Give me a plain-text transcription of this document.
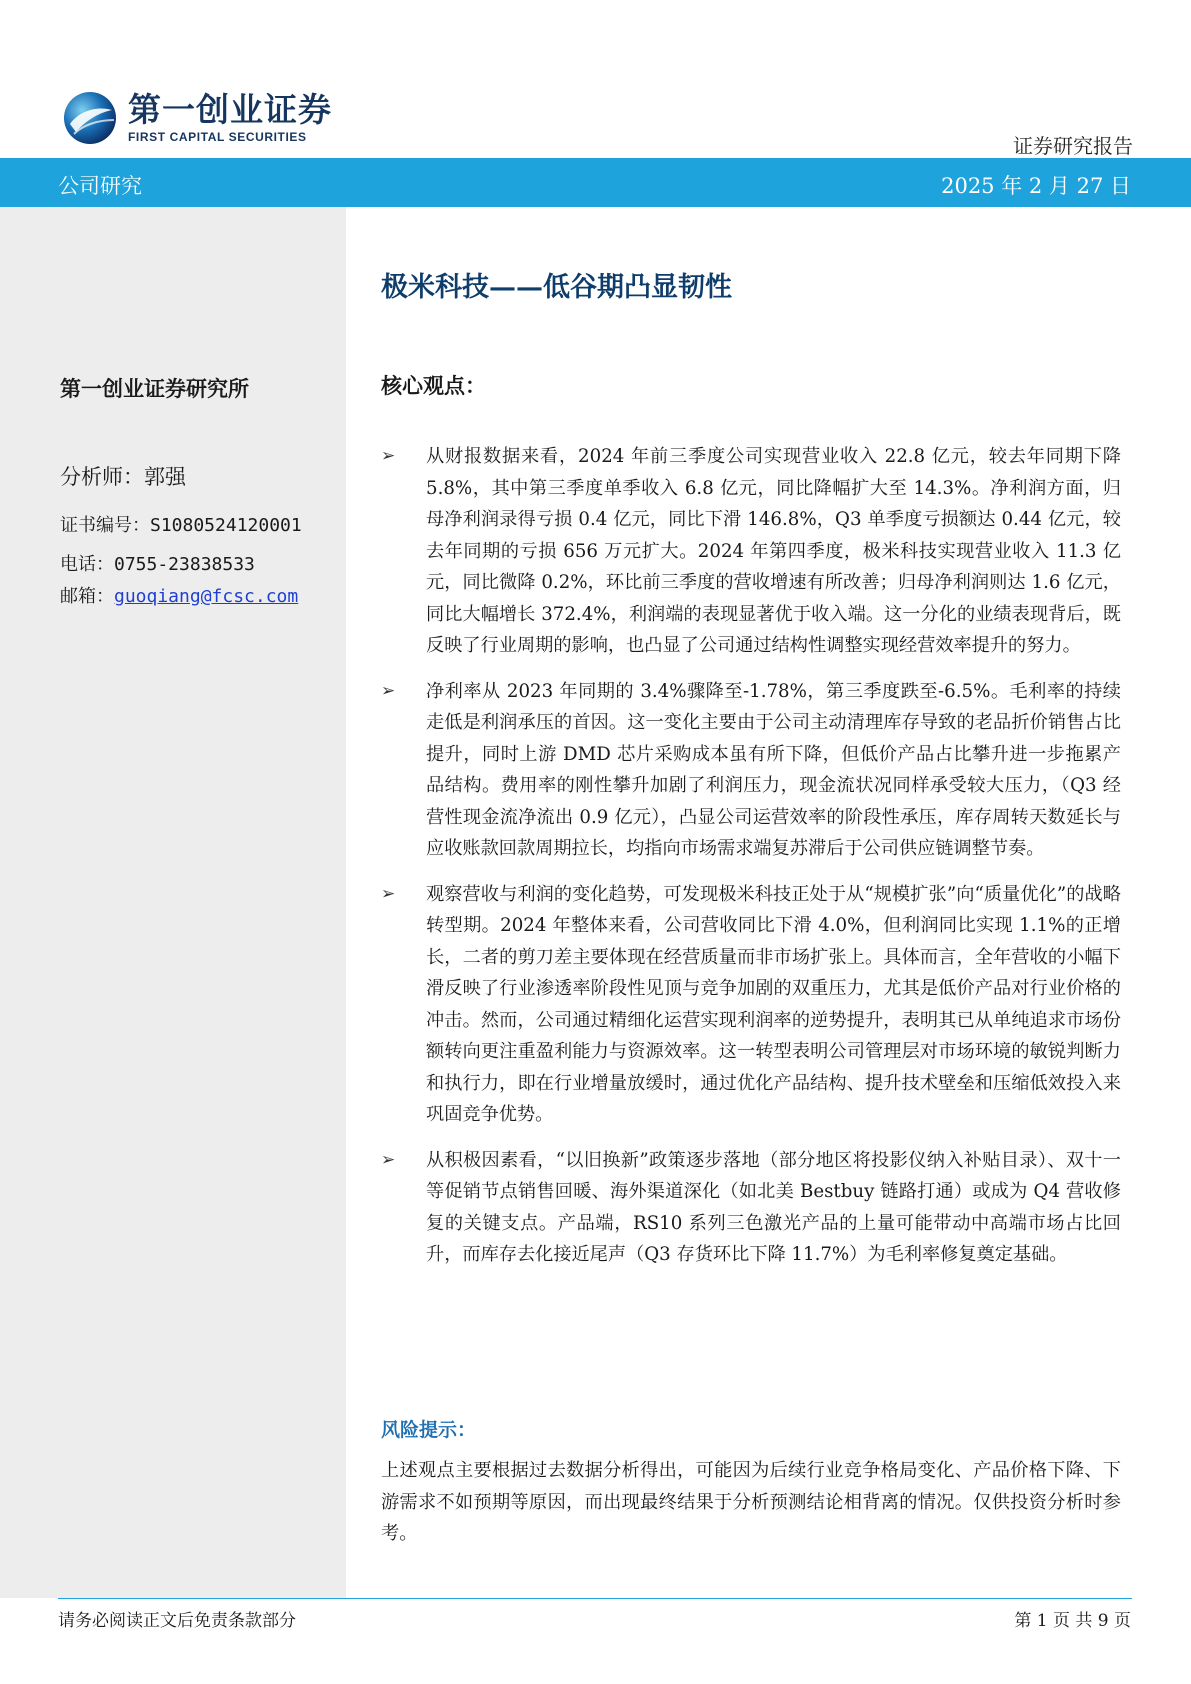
第一创业证券
FIRST CAPITAL SECURITIES	证券研究报告
公司研究	2025 年 2 月 27 日
第一创业证券研究所
分析师：郭强
证书编号：S1080524120001
电话：0755-23838533
邮箱：guoqiang@fcsc.com
极米科技——低谷期凸显韧性
核心观点：
➢	从财报数据来看，2024 年前三季度公司实现营业收入 22.8 亿元，较去年同期下降 5.8%，其中第三季度单季收入 6.8 亿元，同比降幅扩大至 14.3%。净利润方面，归母净利润录得亏损 0.4 亿元，同比下滑 146.8%，Q3 单季度亏损额达 0.44 亿元，较去年同期的亏损 656 万元扩大。2024 年第四季度，极米科技实现营业收入 11.3 亿元，同比微降 0.2%，环比前三季度的营收增速有所改善；归母净利润则达 1.6 亿元，同比大幅增长 372.4%，利润端的表现显著优于收入端。这一分化的业绩表现背后，既反映了行业周期的影响，也凸显了公司通过结构性调整实现经营效率提升的努力。
➢	净利率从 2023 年同期的 3.4%骤降至-1.78%，第三季度跌至-6.5%。毛利率的持续走低是利润承压的首因。这一变化主要由于公司主动清理库存导致的老品折价销售占比提升，同时上游 DMD 芯片采购成本虽有所下降，但低价产品占比攀升进一步拖累产品结构。费用率的刚性攀升加剧了利润压力，现金流状况同样承受较大压力，（Q3 经营性现金流净流出 0.9 亿元），凸显公司运营效率的阶段性承压，库存周转天数延长与应收账款回款周期拉长，均指向市场需求端复苏滞后于公司供应链调整节奏。
➢	观察营收与利润的变化趋势，可发现极米科技正处于从“规模扩张”向“质量优化”的战略转型期。2024 年整体来看，公司营收同比下滑 4.0%，但利润同比实现 1.1%的正增长，二者的剪刀差主要体现在经营质量而非市场扩张上。具体而言，全年营收的小幅下滑反映了行业渗透率阶段性见顶与竞争加剧的双重压力，尤其是低价产品对行业价格的冲击。然而，公司通过精细化运营实现利润率的逆势提升，表明其已从单纯追求市场份额转向更注重盈利能力与资源效率。这一转型表明公司管理层对市场环境的敏锐判断力和执行力，即在行业增量放缓时，通过优化产品结构、提升技术壁垒和压缩低效投入来巩固竞争优势。
➢	从积极因素看，“以旧换新”政策逐步落地（部分地区将投影仪纳入补贴目录）、双十一等促销节点销售回暖、海外渠道深化（如北美 Bestbuy 链路打通）或成为 Q4 营收修复的关键支点。产品端，RS10 系列三色激光产品的上量可能带动中高端市场占比回升，而库存去化接近尾声（Q3 存货环比下降 11.7%）为毛利率修复奠定基础。
风险提示：
上述观点主要根据过去数据分析得出，可能因为后续行业竞争格局变化、产品价格下降、下游需求不如预期等原因，而出现最终结果于分析预测结论相背离的情况。仅供投资分析时参考。
请务必阅读正文后免责条款部分	第 1 页 共 9 页
